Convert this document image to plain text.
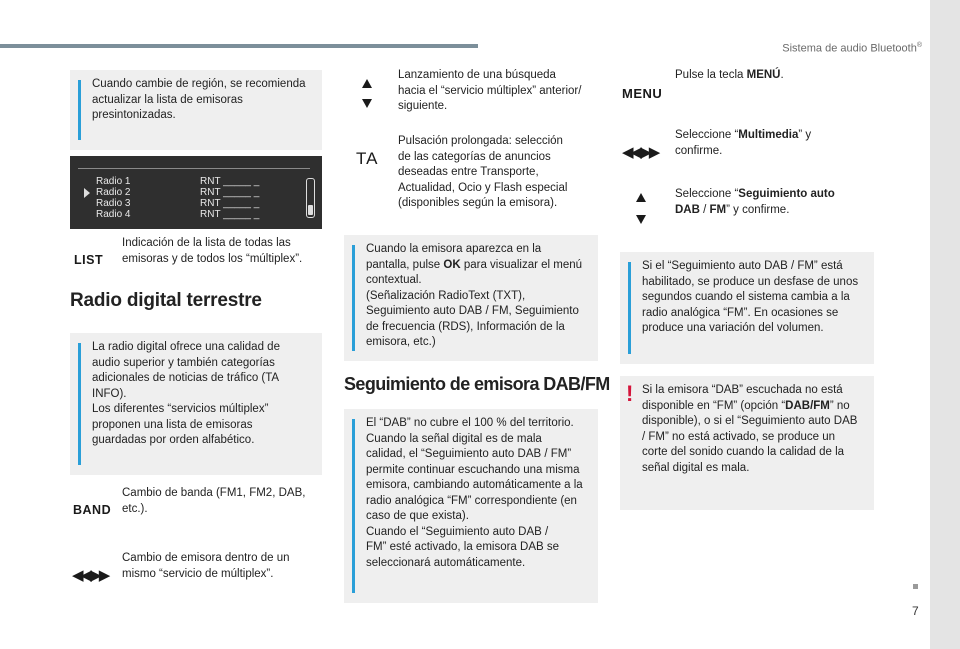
Sistema de audio Bluetooth®
7

Cuando cambie de región, se recomienda

actualizar la lista de emisoras

presintonizadas.

Radio 1	RNT _____ _
Radio 2	RNT _____ _
Radio 3	RNT _____ _
Radio 4	RNT _____ _
LIST

Indicación de la lista de todas las

emisoras y de todos los “múltiplex”.

Radio digital terrestre

La radio digital ofrece una calidad de

audio superior y también categorías

adicionales de noticias de tráfico (TA

INFO).

Los diferentes “servicios múltiplex”

proponen una lista de emisoras

guardadas por orden alfabético.

BAND

Cambio de banda (FM1, FM2, DAB,

etc.).

◀◀ ▶▶

Cambio de emisora dentro de un

mismo “servicio de múltiplex”.

Lanzamiento de una búsqueda

hacia el “servicio múltiplex” anterior/

siguiente.

TA

Pulsación prolongada: selección

de las categorías de anuncios

deseadas entre Transporte,

Actualidad, Ocio y Flash especial

(disponibles según la emisora).

Cuando la emisora aparezca en la

pantalla, pulse OK para visualizar el menú

contextual.

(Señalización RadioText (TXT),

Seguimiento auto DAB / FM, Seguimiento

de frecuencia (RDS), Información de la

emisora, etc.)

Seguimiento de emisora DAB/FM

El “DAB” no cubre el 100 % del territorio.

Cuando la señal digital es de mala

calidad, el “Seguimiento auto DAB / FM”

permite continuar escuchando una misma

emisora, cambiando automáticamente a la

radio analógica “FM” correspondiente (en

caso de que exista).

Cuando el “Seguimiento auto DAB /

FM” esté activado, la emisora DAB se

seleccionará automáticamente.

MENU

Pulse la tecla MENÚ.

◀◀ ▶▶

Seleccione “Multimedia” y

confirme.

Seleccione “Seguimiento auto

DAB / FM” y confirme.

Si el “Seguimiento auto DAB / FM” está

habilitado, se produce un desfase de unos

segundos cuando el sistema cambia a la

radio analógica “FM”. En ocasiones se

produce una variación del volumen.

! Si la emisora “DAB” escuchada no está

disponible en “FM” (opción “DAB/FM” no

disponible), o si el “Seguimiento auto DAB

/ FM” no está activado, se produce un

corte del sonido cuando la calidad de la

señal digital es mala.
